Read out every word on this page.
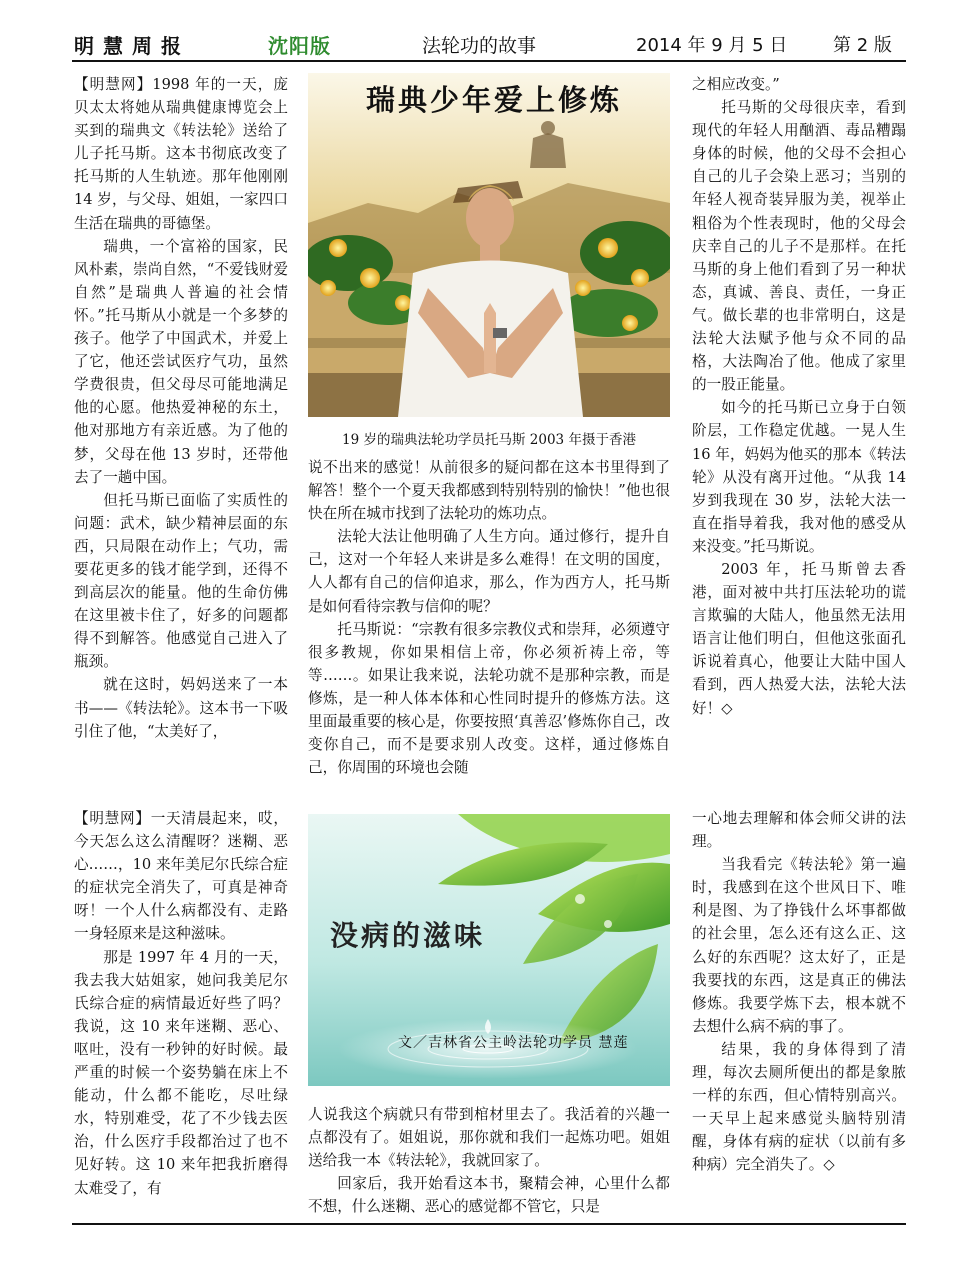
明慧周报	沈阳版	法轮功的故事	2014 年 9 月 5 日	第 2 版

【明慧网】1998 年的一天，庞贝太太将她从瑞典健康博览会上买到的瑞典文《转法轮》送给了儿子托马斯。这本书彻底改变了托马斯的人生轨迹。那年他刚刚 14 岁，与父母、姐姐，一家四口生活在瑞典的哥德堡。

瑞典，一个富裕的国家，民风朴素，崇尚自然，“不爱钱财爱自然”是瑞典人普遍的社会情怀。”托马斯从小就是一个多梦的孩子。他学了中国武术，并爱上了它，他还尝试医疗气功，虽然学费很贵，但父母尽可能地满足他的心愿。他热爱神秘的东土，他对那地方有亲近感。为了他的梦，父母在他 13 岁时，还带他去了一趟中国。

但托马斯已面临了实质性的问题：武术，缺少精神层面的东西，只局限在动作上；气功，需要花更多的钱才能学到，还得不到高层次的能量。他的生命仿佛在这里被卡住了，好多的问题都得不到解答。他感觉自己进入了瓶颈。

就在这时，妈妈送来了一本书——《转法轮》。这本书一下吸引住了他，“太美好了，

瑞典少年爱上修炼
19 岁的瑞典法轮功学员托马斯 2003 年摄于香港

说不出来的感觉！从前很多的疑问都在这本书里得到了解答！整个一个夏天我都感到特别特别的愉快！”他也很快在所在城市找到了法轮功的炼功点。

法轮大法让他明确了人生方向。通过修行，提升自己，这对一个年轻人来讲是多么难得！在文明的国度，人人都有自己的信仰追求，那么，作为西方人，托马斯是如何看待宗教与信仰的呢？

托马斯说：“宗教有很多宗教仪式和崇拜，必须遵守很多教规，你如果相信上帝，你必须祈祷上帝，等等……。如果让我来说，法轮功就不是那种宗教，而是修炼，是一种人体本体和心性同时提升的修炼方法。这里面最重要的核心是，你要按照‘真善忍’修炼你自己，改变你自己，而不是要求别人改变。这样，通过修炼自己，你周围的环境也会随

之相应改变。”

托马斯的父母很庆幸，看到现代的年轻人用酗酒、毒品糟蹋身体的时候，他的父母不会担心自己的儿子会染上恶习；当别的年轻人视奇装异服为美，视举止粗俗为个性表现时，他的父母会庆幸自己的儿子不是那样。在托马斯的身上他们看到了另一种状态，真诚、善良、责任，一身正气。做长辈的也非常明白，这是法轮大法赋予他与众不同的品格，大法陶冶了他。他成了家里的一股正能量。

如今的托马斯已立身于白领阶层，工作稳定优越。一晃人生 16 年，妈妈为他买的那本《转法轮》从没有离开过他。“从我 14 岁到我现在 30 岁，法轮大法一直在指导着我，我对他的感受从来没变。”托马斯说。

2003 年，托马斯曾去香港，面对被中共打压法轮功的谎言欺骗的大陆人，他虽然无法用语言让他们明白，但他这张面孔诉说着真心，他要让大陆中国人看到，西人热爱大法，法轮大法好！◇

【明慧网】一天清晨起来，哎，今天怎么这么清醒呀？迷糊、恶心……，10 来年美尼尔氏综合症的症状完全消失了，可真是神奇呀！一个人什么病都没有、走路一身轻原来是这种滋味。

那是 1997 年 4 月的一天，我去我大姑姐家，她问我美尼尔氏综合症的病情最近好些了吗？我说，这 10 来年迷糊、恶心、呕吐，没有一秒钟的好时候。最严重的时候一个姿势躺在床上不能动，什么都不能吃，尽吐绿水，特别难受，花了不少钱去医治，什么医疗手段都治过了也不见好转。这 10 来年把我折磨得太难受了，有

没病的滋味
文／吉林省公主岭法轮功学员 慧莲

人说我这个病就只有带到棺材里去了。我活着的兴趣一点都没有了。姐姐说，那你就和我们一起炼功吧。姐姐送给我一本《转法轮》，我就回家了。

回家后，我开始看这本书，聚精会神，心里什么都不想，什么迷糊、恶心的感觉都不管它，只是

一心地去理解和体会师父讲的法理。

当我看完《转法轮》第一遍时，我感到在这个世风日下、唯利是图、为了挣钱什么坏事都做的社会里，怎么还有这么正、这么好的东西呢？这太好了，正是我要找的东西，这是真正的佛法修炼。我要学炼下去，根本就不去想什么病不病的事了。

结果，我的身体得到了清理，每次去厕所便出的都是象脓一样的东西，但心情特别高兴。一天早上起来感觉头脑特别清醒，身体有病的症状（以前有多种病）完全消失了。◇
